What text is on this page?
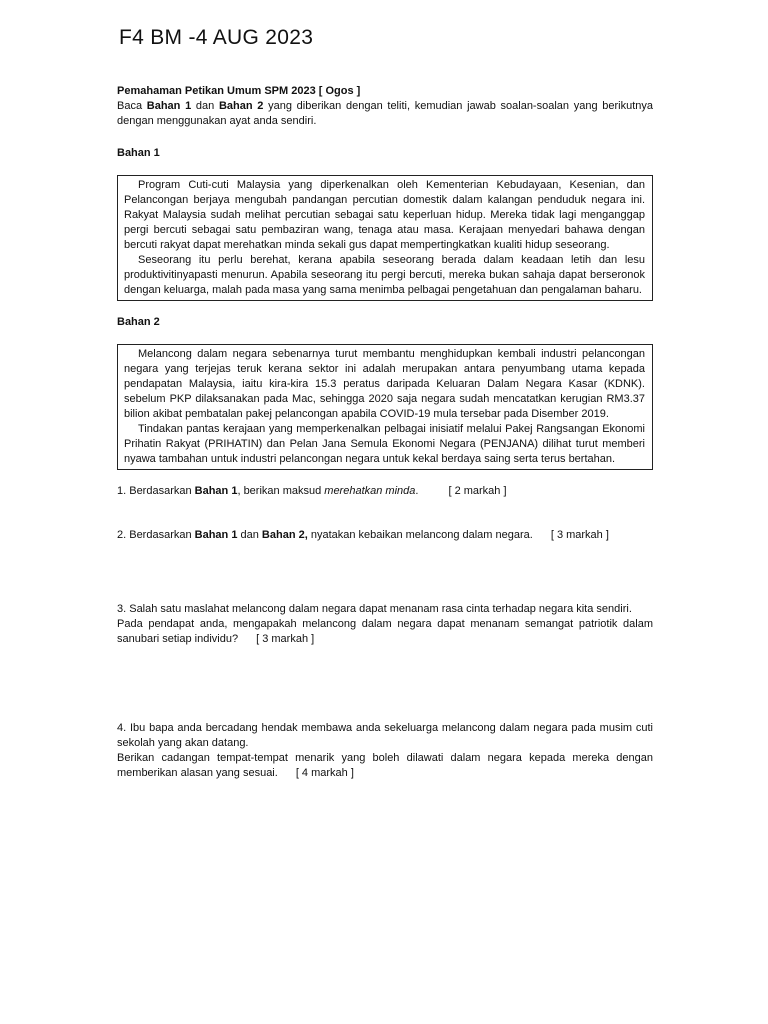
F4 BM -4 AUG 2023

Pemahaman Petikan Umum SPM 2023 [ Ogos ]

Baca Bahan 1 dan Bahan 2 yang diberikan dengan teliti, kemudian jawab soalan-soalan yang berikutnya dengan menggunakan ayat anda sendiri.

Bahan 1

Program Cuti-cuti Malaysia yang diperkenalkan oleh Kementerian Kebudayaan, Kesenian, dan Pelancongan berjaya mengubah pandangan percutian domestik dalam kalangan penduduk negara ini. Rakyat Malaysia sudah melihat percutian sebagai satu keperluan hidup. Mereka tidak lagi menganggap pergi bercuti sebagai satu pembaziran wang, tenaga atau masa. Kerajaan menyedari bahawa dengan bercuti rakyat dapat merehatkan minda sekali gus dapat mempertingkatkan kualiti hidup seseorang.

Seseorang itu perlu berehat, kerana apabila seseorang berada dalam keadaan letih dan lesu produktivitinyapasti menurun. Apabila seseorang itu pergi bercuti, mereka bukan sahaja dapat berseronok dengan keluarga, malah pada masa yang sama menimba pelbagai pengetahuan dan pengalaman baharu.

Bahan 2

Melancong dalam negara sebenarnya turut membantu menghidupkan kembali industri pelancongan negara yang terjejas teruk kerana sektor ini adalah merupakan antara penyumbang utama kepada pendapatan Malaysia, iaitu kira-kira 15.3 peratus daripada Keluaran Dalam Negara Kasar (KDNK). sebelum PKP dilaksanakan pada Mac, sehingga 2020 saja negara sudah mencatatkan kerugian RM3.37 bilion akibat pembatalan pakej pelancongan apabila COVID-19 mula tersebar pada Disember 2019.

Tindakan pantas kerajaan yang memperkenalkan pelbagai inisiatif melalui Pakej Rangsangan Ekonomi Prihatin Rakyat (PRIHATIN) dan Pelan Jana Semula Ekonomi Negara (PENJANA) dilihat turut memberi nyawa tambahan untuk industri pelancongan negara untuk kekal berdaya saing serta terus bertahan.

1. Berdasarkan Bahan 1, berikan maksud merehatkan minda.	[ 2 markah ]

2. Berdasarkan Bahan 1 dan Bahan 2, nyatakan kebaikan melancong dalam negara. [ 3 markah ]

3. Salah satu maslahat melancong dalam negara dapat menanam rasa cinta terhadap negara kita sendiri.

Pada pendapat anda, mengapakah melancong dalam negara dapat menanam semangat patriotik dalam sanubari setiap individu? [ 3 markah ]

4. Ibu bapa anda bercadang hendak membawa anda sekeluarga melancong dalam negara pada musim cuti sekolah yang akan datang.

Berikan cadangan tempat-tempat menarik yang boleh dilawati dalam negara kepada mereka dengan memberikan alasan yang sesuai. [ 4 markah ]
